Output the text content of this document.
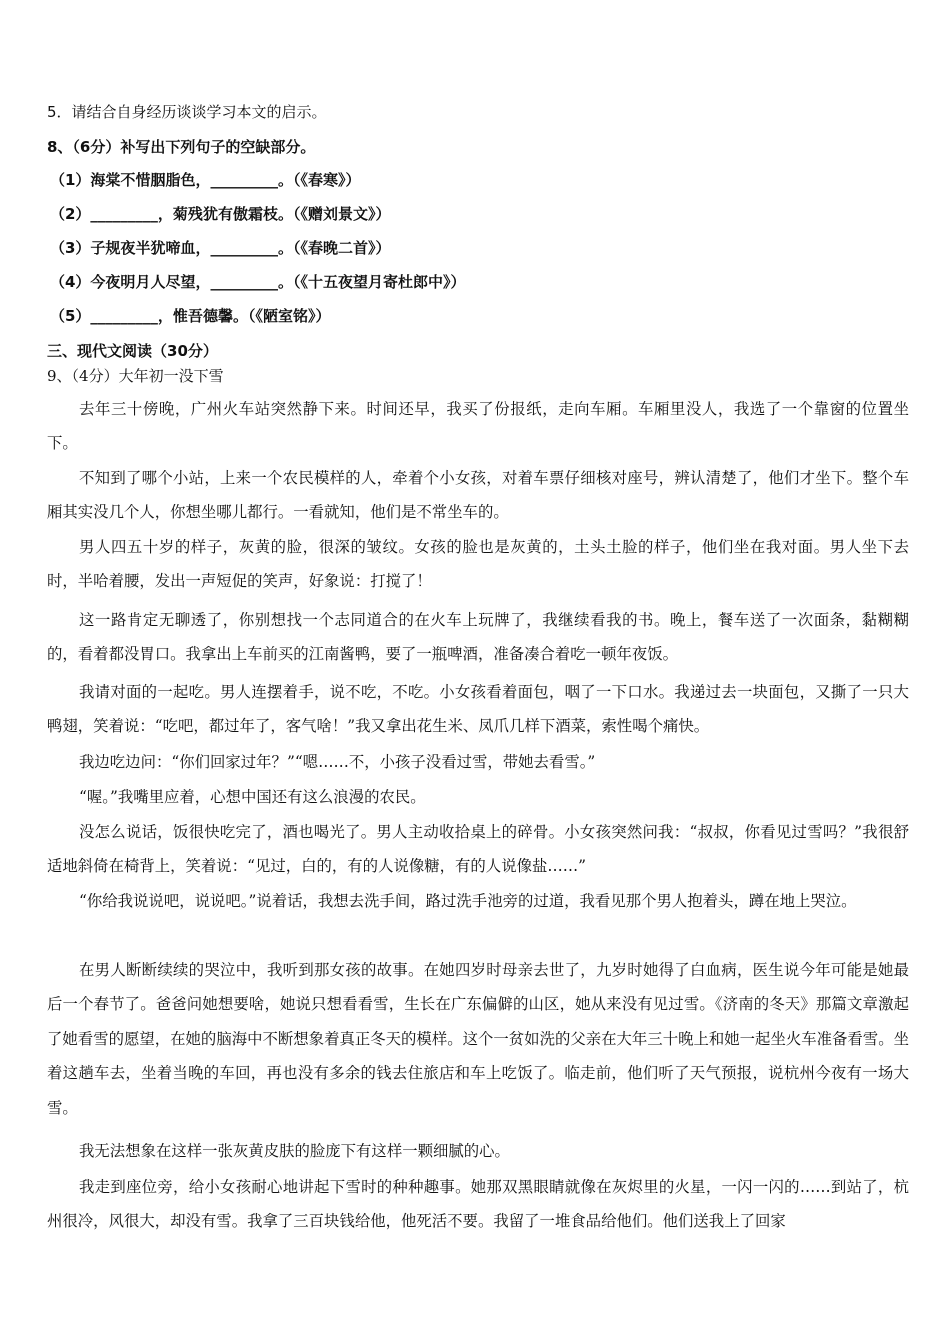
5．请结合自身经历谈谈学习本文的启示。
8、（6分）补写出下列句子的空缺部分。
（1）海棠不惜胭脂色，_________。（《春寒》）
（2）_________，菊残犹有傲霜枝。（《赠刘景文》）
（3）子规夜半犹啼血，_________。（《春晚二首》）
（4）今夜明月人尽望，_________。（《十五夜望月寄杜郎中》）
（5）_________，惟吾德馨。（《陋室铭》）
三、现代文阅读（30分）
9、（4分）大年初一没下雪

去年三十傍晚，广州火车站突然静下来。时间还早，我买了份报纸，走向车厢。车厢里没人，我选了一个靠窗的位置坐下。

不知到了哪个小站，上来一个农民模样的人，牵着个小女孩，对着车票仔细核对座号，辨认清楚了，他们才坐下。整个车厢其实没几个人，你想坐哪儿都行。一看就知，他们是不常坐车的。

男人四五十岁的样子，灰黄的脸，很深的皱纹。女孩的脸也是灰黄的，土头土脸的样子，他们坐在我对面。男人坐下去时，半哈着腰，发出一声短促的笑声，好象说：打搅了！

这一路肯定无聊透了，你别想找一个志同道合的在火车上玩牌了，我继续看我的书。晚上，餐车送了一次面条，黏糊糊的，看着都没胃口。我拿出上车前买的江南酱鸭，要了一瓶啤酒，准备凑合着吃一顿年夜饭。

我请对面的一起吃。男人连摆着手，说不吃，不吃。小女孩看着面包，咽了一下口水。我递过去一块面包，又撕了一只大鸭翅，笑着说：“吃吧，都过年了，客气啥！”我又拿出花生米、凤爪几样下酒菜，索性喝个痛快。

我边吃边问：“你们回家过年？”“嗯……不，小孩子没看过雪，带她去看雪。”

“喔。”我嘴里应着，心想中国还有这么浪漫的农民。

没怎么说话，饭很快吃完了，酒也喝光了。男人主动收拾桌上的碎骨。小女孩突然问我：“叔叔，你看见过雪吗？”我很舒适地斜倚在椅背上，笑着说：“见过，白的，有的人说像糖，有的人说像盐……”

“你给我说说吧，说说吧。”说着话，我想去洗手间，路过洗手池旁的过道，我看见那个男人抱着头，蹲在地上哭泣。

在男人断断续续的哭泣中，我听到那女孩的故事。在她四岁时母亲去世了，九岁时她得了白血病，医生说今年可能是她最后一个春节了。爸爸问她想要啥，她说只想看看雪，生长在广东偏僻的山区，她从来没有见过雪。《济南的冬天》那篇文章激起了她看雪的愿望，在她的脑海中不断想象着真正冬天的模样。这个一贫如洗的父亲在大年三十晚上和她一起坐火车准备看雪。坐着这趟车去，坐着当晚的车回，再也没有多余的钱去住旅店和车上吃饭了。临走前，他们听了天气预报，说杭州今夜有一场大雪。

我无法想象在这样一张灰黄皮肤的脸庞下有这样一颗细腻的心。

我走到座位旁，给小女孩耐心地讲起下雪时的种种趣事。她那双黑眼睛就像在灰烬里的火星，一闪一闪的……到站了，杭州很冷，风很大，却没有雪。我拿了三百块钱给他，他死活不要。我留了一堆食品给他们。他们送我上了回家
